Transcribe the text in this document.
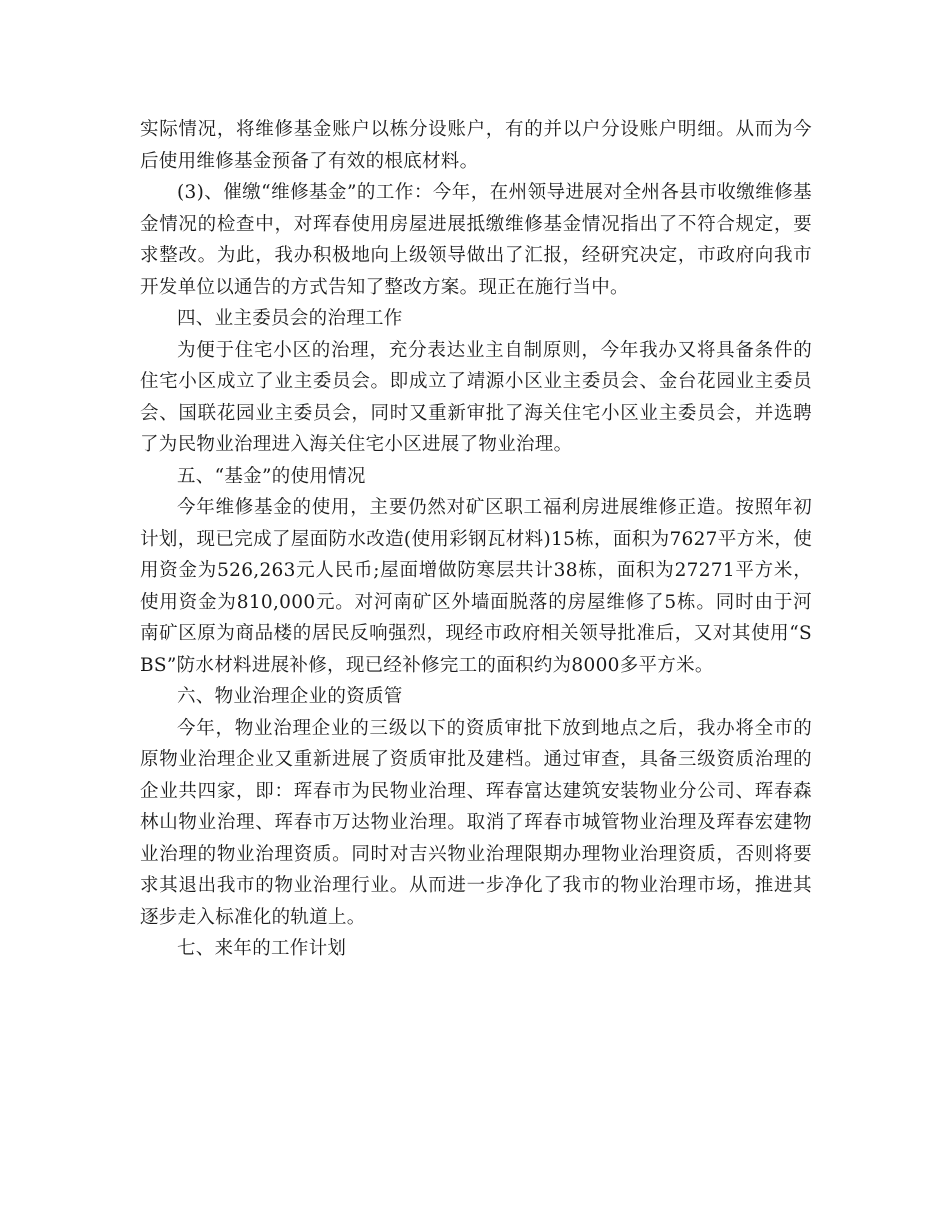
实际情况，将维修基金账户以栋分设账户，有的并以户分设账户明细。从而为今后使用维修基金预备了有效的根底材料。

(3)、催缴“维修基金”的工作：今年，在州领导进展对全州各县市收缴维修基金情况的检查中，对珲春使用房屋进展抵缴维修基金情况指出了不符合规定，要求整改。为此，我办积极地向上级领导做出了汇报，经研究决定，市政府向我市开发单位以通告的方式告知了整改方案。现正在施行当中。

四、业主委员会的治理工作

为便于住宅小区的治理，充分表达业主自制原则，今年我办又将具备条件的住宅小区成立了业主委员会。即成立了靖源小区业主委员会、金台花园业主委员会、国联花园业主委员会，同时又重新审批了海关住宅小区业主委员会，并选聘了为民物业治理进入海关住宅小区进展了物业治理。

五、“基金”的使用情况

今年维修基金的使用，主要仍然对矿区职工福利房进展维修正造。按照年初计划，现已完成了屋面防水改造(使用彩钢瓦材料)15栋，面积为7627平方米，使用资金为526,263元人民币;屋面增做防寒层共计38栋，面积为27271平方米，使用资金为810,000元。对河南矿区外墙面脱落的房屋维修了5栋。同时由于河南矿区原为商品楼的居民反响强烈，现经市政府相关领导批准后，又对其使用“SBS”防水材料进展补修，现已经补修完工的面积约为8000多平方米。

六、物业治理企业的资质管

今年，物业治理企业的三级以下的资质审批下放到地点之后，我办将全市的原物业治理企业又重新进展了资质审批及建档。通过审查，具备三级资质治理的企业共四家，即：珲春市为民物业治理、珲春富达建筑安装物业分公司、珲春森林山物业治理、珲春市万达物业治理。取消了珲春市城管物业治理及珲春宏建物业治理的物业治理资质。同时对吉兴物业治理限期办理物业治理资质，否则将要求其退出我市的物业治理行业。从而进一步净化了我市的物业治理市场，推进其逐步走入标准化的轨道上。

七、来年的工作计划
